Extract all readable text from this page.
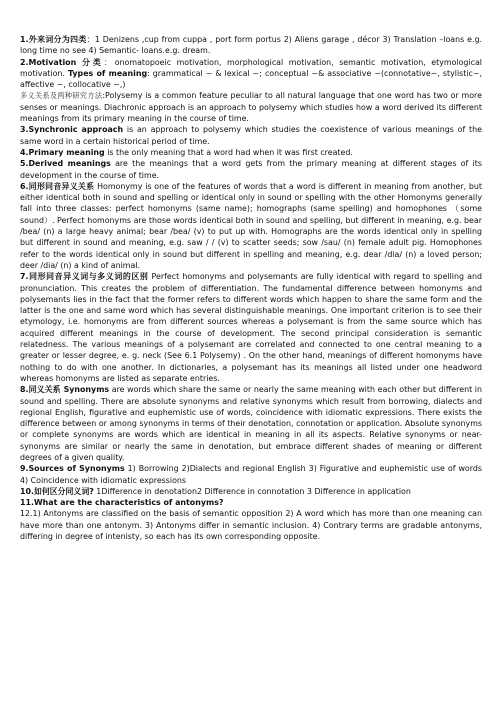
1.外来词分为四类：1 Denizens ,cup from cuppa , port form portus 2) Aliens garage , décor 3) Translation –loans e.g. long time no see 4) Semantic- loans.e.g. dream.

2.Motivation 分类：onomatopoeic motivation, morphological motivation, semantic motivation, etymological motivation. Types of meaning: grammatical ~ & lexical ~; conceptual ~& associative ~(connotative~, stylistic~, affective ~, collocative ~,)

多义关系及两种研究方法:Polysemy is a common feature peculiar to all natural language that one word has two or more senses or meanings. Diachronic approach is an approach to polysemy which studies how a word derived its different meanings from its primary meaning in the course of time.

3.Synchronic approach is an approach to polysemy which studies the coexistence of various meanings of the same word in a certain historical period of time.

4.Primary meaning is the only meaning that a word had when it was first created.

5.Derived meanings are the meanings that a word gets from the primary meaning at different stages of its development in the course of time.

6.同形同音异义关系 Homonymy is one of the features of words that a word is different in meaning from another, but either identical both in sound and spelling or identical only in sound or spelling with the other Homonyms generally fall into three classes: perfect homonyms (same name); homographs (same spelling) and homophones （some sound）. Perfect homonyms are those words identical both in sound and spelling, but different in meaning, e.g. bear /bea/ (n) a large heavy animal; bear /bea/ (v) to put up with. Homographs are the words identical only in spelling but different in sound and meaning, e.g. saw / / (v) to scatter seeds; sow /sau/ (n) female adult pig. Homophones refer to the words identical only in sound but different in spelling and meaning, e.g. dear /dia/ (n) a loved person; deer /dia/ (n) a kind of animal.

7.同形同音异义词与多义词的区别 Perfect homonyms and polysemants are fully identical with regard to spelling and pronunciation. This creates the problem of differentiation. The fundamental difference between homonyms and polysemants lies in the fact that the former refers to different words which happen to share the same form and the latter is the one and same word which has several distinguishable meanings. One important criterion is to see their etymology, i.e. homonyms are from different sources whereas a polysemant is from the same source which has acquired different meanings in the course of development. The second principal consideration is semantic relatedness. The various meanings of a polysemant are correlated and connected to one central meaning to a greater or lesser degree, e. g. neck (See 6.1 Polysemy) . On the other hand, meanings of different homonyms have nothing to do with one another. In dictionaries, a polysemant has its meanings all listed under one headword whereas homonyms are listed as separate entries.

8.同义关系 Synonyms are words which share the same or nearly the same meaning with each other but different in sound and spelling. There are absolute synonyms and relative synonyms which result from borrowing, dialects and regional English, figurative and euphemistic use of words, coincidence with idiomatic expressions. There exists the difference between or among synonyms in terms of their denotation, connotation or application. Absolute synonyms or complete synonyms are words which are identical in meaning in all its aspects. Relative synonyms or near-synonyms are similar or nearly the same in denotation, but embrace different shades of meaning or different degrees of a given quality.

9.Sources of Synonyms 1) Borrowing 2)Dialects and regional English 3) Figurative and euphemistic use of words 4) Coincidence with idiomatic expressions

10.如何区分同义词? 1Difference in denotation2 Difference in connotation 3 Difference in application

11.What are the characteristics of antonyms?

12.1) Antonyms are classified on the basis of semantic opposition 2) A word which has more than one meaning can have more than one antonym. 3) Antonyms differ in semantic inclusion. 4) Contrary terms are gradable antonyms, differing in degree of intenisty, so each has its own corresponding opposite.
